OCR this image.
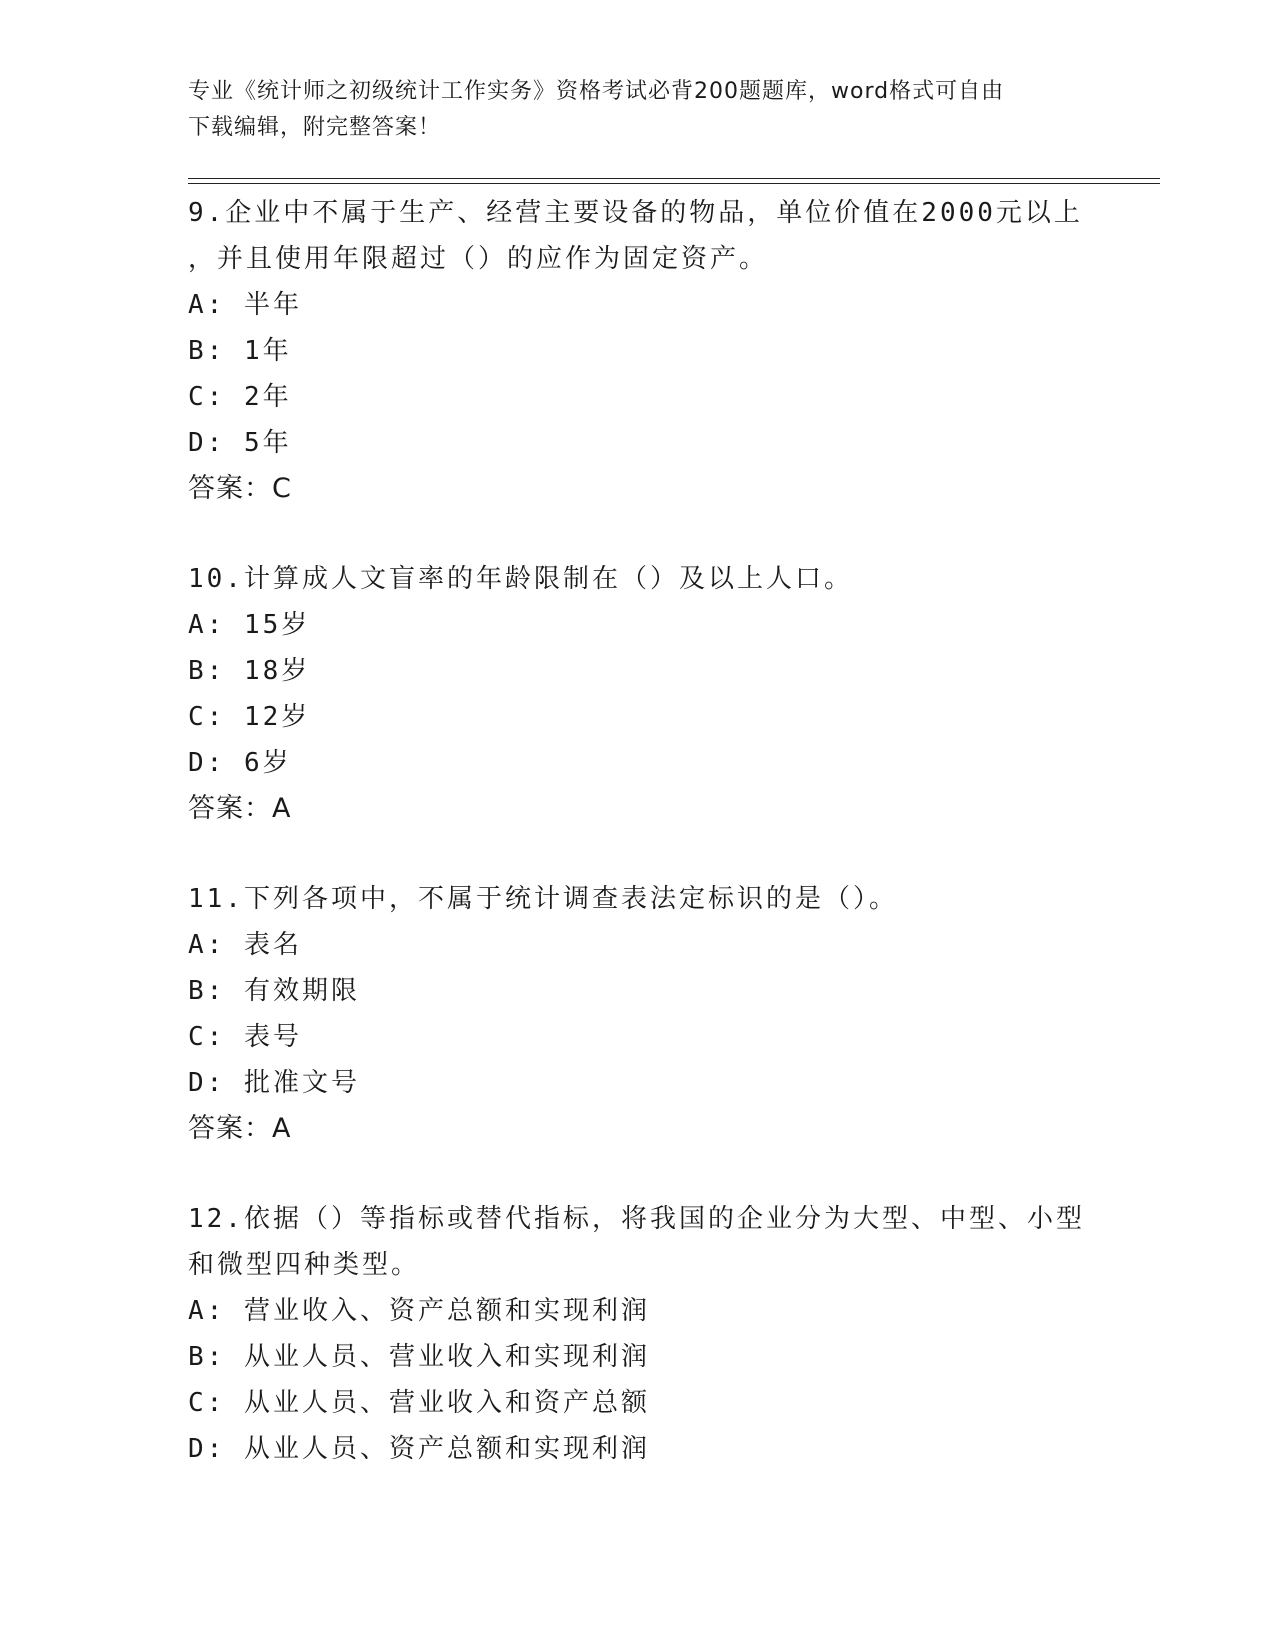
专业《统计师之初级统计工作实务》资格考试必背200题题库，word格式可自由
下载编辑，附完整答案！

9.企业中不属于生产、经营主要设备的物品，单位价值在2000元以上

，并且使用年限超过（）的应作为固定资产。

A: 半年

B: 1年

C: 2年

D: 5年

答案：C

10.计算成人文盲率的年龄限制在（）及以上人口。

A: 15岁

B: 18岁

C: 12岁

D: 6岁

答案：A

11.下列各项中，不属于统计调查表法定标识的是（）。

A: 表名

B: 有效期限

C: 表号

D: 批准文号

答案：A

12.依据（）等指标或替代指标，将我国的企业分为大型、中型、小型

和微型四种类型。

A: 营业收入、资产总额和实现利润

B: 从业人员、营业收入和实现利润

C: 从业人员、营业收入和资产总额

D: 从业人员、资产总额和实现利润
